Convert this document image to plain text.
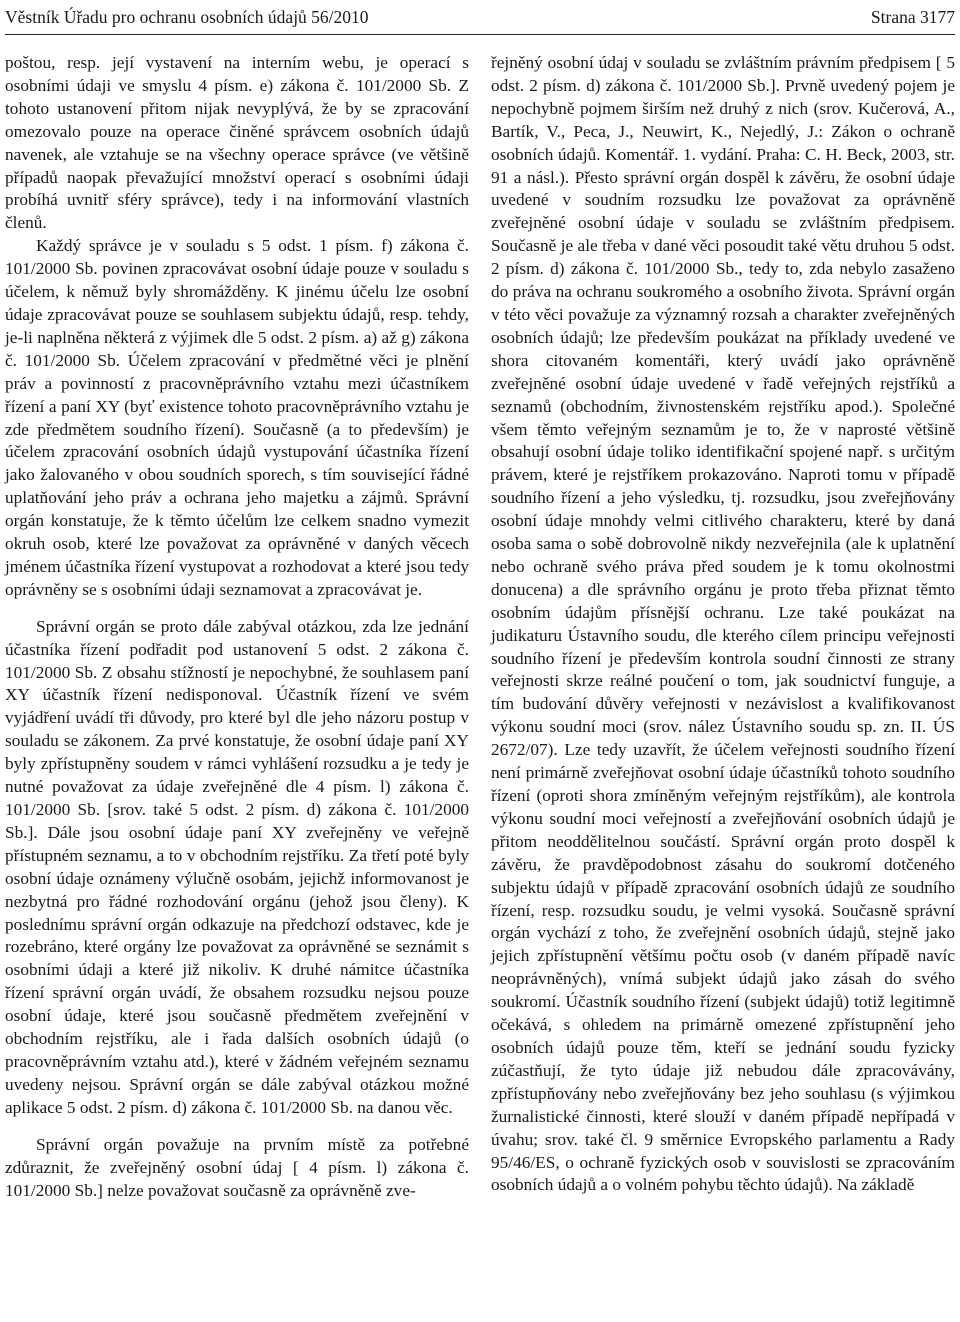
Věstník Úřadu pro ochranu osobních údajů 56/2010	Strana 3177

poštou, resp. její vystavení na interním webu, je operací s osobními údaji ve smyslu 4 písm. e) zákona č. 101/2000 Sb. Z tohoto ustanovení přitom nijak nevyplývá, že by se zpracování omezovalo pouze na operace činěné správcem osobních údajů navenek, ale vztahuje se na všechny operace správce (ve většině případů naopak převažující množství operací s osobními údaji probíhá uvnitř sféry správce), tedy i na informování vlastních členů.

Každý správce je v souladu s 5 odst. 1 písm. f) zákona č. 101/2000 Sb. povinen zpracovávat osobní údaje pouze v souladu s účelem, k němuž byly shromážděny. K jinému účelu lze osobní údaje zpracovávat pouze se souhlasem subjektu údajů, resp. tehdy, je-li naplněna některá z výjimek dle 5 odst. 2 písm. a) až g) zákona č. 101/2000 Sb. Účelem zpracování v předmětné věci je plnění práv a povinností z pracovněprávního vztahu mezi účastníkem řízení a paní XY (byť existence tohoto pracovněprávního vztahu je zde předmětem soudního řízení). Současně (a to především) je účelem zpracování osobních údajů vystupování účastníka řízení jako žalovaného v obou soudních sporech, s tím související řádné uplatňování jeho práv a ochrana jeho majetku a zájmů. Správní orgán konstatuje, že k těmto účelům lze celkem snadno vymezit okruh osob, které lze považovat za oprávněné v daných věcech jménem účastníka řízení vystupovat a rozhodovat a které jsou tedy oprávněny se s osobními údaji seznamovat a zpracovávat je.

Správní orgán se proto dále zabýval otázkou, zda lze jednání účastníka řízení podřadit pod ustanovení 5 odst. 2 zákona č. 101/2000 Sb. Z obsahu stížností je nepochybné, že souhlasem paní XY účastník řízení nedisponoval. Účastník řízení ve svém vyjádření uvádí tři důvody, pro které byl dle jeho názoru postup v souladu se zákonem. Za prvé konstatuje, že osobní údaje paní XY byly zpřístupněny soudem v rámci vyhlášení rozsudku a je tedy je nutné považovat za údaje zveřejněné dle 4 písm. l) zákona č. 101/2000 Sb. [srov. také 5 odst. 2 písm. d) zákona č. 101/2000 Sb.]. Dále jsou osobní údaje paní XY zveřejněny ve veřejně přístupném seznamu, a to v obchodním rejstříku. Za třetí poté byly osobní údaje oznámeny výlučně osobám, jejichž informovanost je nezbytná pro řádné rozhodování orgánu (jehož jsou členy). K poslednímu správní orgán odkazuje na předchozí odstavec, kde je rozebráno, které orgány lze považovat za oprávněné se seznámit s osobními údaji a které již nikoliv. K druhé námitce účastníka řízení správní orgán uvádí, že obsahem rozsudku nejsou pouze osobní údaje, které jsou současně předmětem zveřejnění v obchodním rejstříku, ale i řada dalších osobních údajů (o pracovněprávním vztahu atd.), které v žádném veřejném seznamu uvedeny nejsou. Správní orgán se dále zabýval otázkou možné aplikace 5 odst. 2 písm. d) zákona č. 101/2000 Sb. na danou věc.

Správní orgán považuje na prvním místě za potřebné zdůraznit, že zveřejněný osobní údaj [ 4 písm. l) zákona č. 101/2000 Sb.] nelze považovat současně za oprávněně zve-

řejněný osobní údaj v souladu se zvláštním právním předpisem [ 5 odst. 2 písm. d) zákona č. 101/2000 Sb.]. Prvně uvedený pojem je nepochybně pojmem širším než druhý z nich (srov. Kučerová, A., Bartík, V., Peca, J., Neuwirt, K., Nejedlý, J.: Zákon o ochraně osobních údajů. Komentář. 1. vydání. Praha: C. H. Beck, 2003, str. 91 a násl.). Přesto správní orgán dospěl k závěru, že osobní údaje uvedené v soudním rozsudku lze považovat za oprávněně zveřejněné osobní údaje v souladu se zvláštním předpisem. Současně je ale třeba v dané věci posoudit také větu druhou 5 odst. 2 písm. d) zákona č. 101/2000 Sb., tedy to, zda nebylo zasaženo do práva na ochranu soukromého a osobního života. Správní orgán v této věci považuje za významný rozsah a charakter zveřejněných osobních údajů; lze především poukázat na příklady uvedené ve shora citovaném komentáři, který uvádí jako oprávněně zveřejněné osobní údaje uvedené v řadě veřejných rejstříků a seznamů (obchodním, živnostenském rejstříku apod.). Společné všem těmto veřejným seznamům je to, že v naprosté většině obsahují osobní údaje toliko identifikační spojené např. s určitým právem, které je rejstříkem prokazováno. Naproti tomu v případě soudního řízení a jeho výsledku, tj. rozsudku, jsou zveřejňovány osobní údaje mnohdy velmi citlivého charakteru, které by daná osoba sama o sobě dobrovolně nikdy nezveřejnila (ale k uplatnění nebo ochraně svého práva před soudem je k tomu okolnostmi donucena) a dle správního orgánu je proto třeba přiznat těmto osobním údajům přísnější ochranu. Lze také poukázat na judikaturu Ústavního soudu, dle kterého cílem principu veřejnosti soudního řízení je především kontrola soudní činnosti ze strany veřejnosti skrze reálné poučení o tom, jak soudnictví funguje, a tím budování důvěry veřejnosti v nezávislost a kvalifikovanost výkonu soudní moci (srov. nález Ústavního soudu sp. zn. II. ÚS 2672/07). Lze tedy uzavřít, že účelem veřejnosti soudního řízení není primárně zveřejňovat osobní údaje účastníků tohoto soudního řízení (oproti shora zmíněným veřejným rejstříkům), ale kontrola výkonu soudní moci veřejností a zveřejňování osobních údajů je přitom neoddělitelnou součástí. Správní orgán proto dospěl k závěru, že pravděpodobnost zásahu do soukromí dotčeného subjektu údajů v případě zpracování osobních údajů ze soudního řízení, resp. rozsudku soudu, je velmi vysoká. Současně správní orgán vychází z toho, že zveřejnění osobních údajů, stejně jako jejich zpřístupnění většímu počtu osob (v daném případě navíc neoprávněných), vnímá subjekt údajů jako zásah do svého soukromí. Účastník soudního řízení (subjekt údajů) totiž legitimně očekává, s ohledem na primárně omezené zpřístupnění jeho osobních údajů pouze těm, kteří se jednání soudu fyzicky zúčastňují, že tyto údaje již nebudou dále zpracovávány, zpřístupňovány nebo zveřejňovány bez jeho souhlasu (s výjimkou žurnalistické činnosti, které slouží v daném případě nepřípadá v úvahu; srov. také čl. 9 směrnice Evropského parlamentu a Rady 95/46/ES, o ochraně fyzických osob v souvislosti se zpracováním osobních údajů a o volném pohybu těchto údajů). Na základě
